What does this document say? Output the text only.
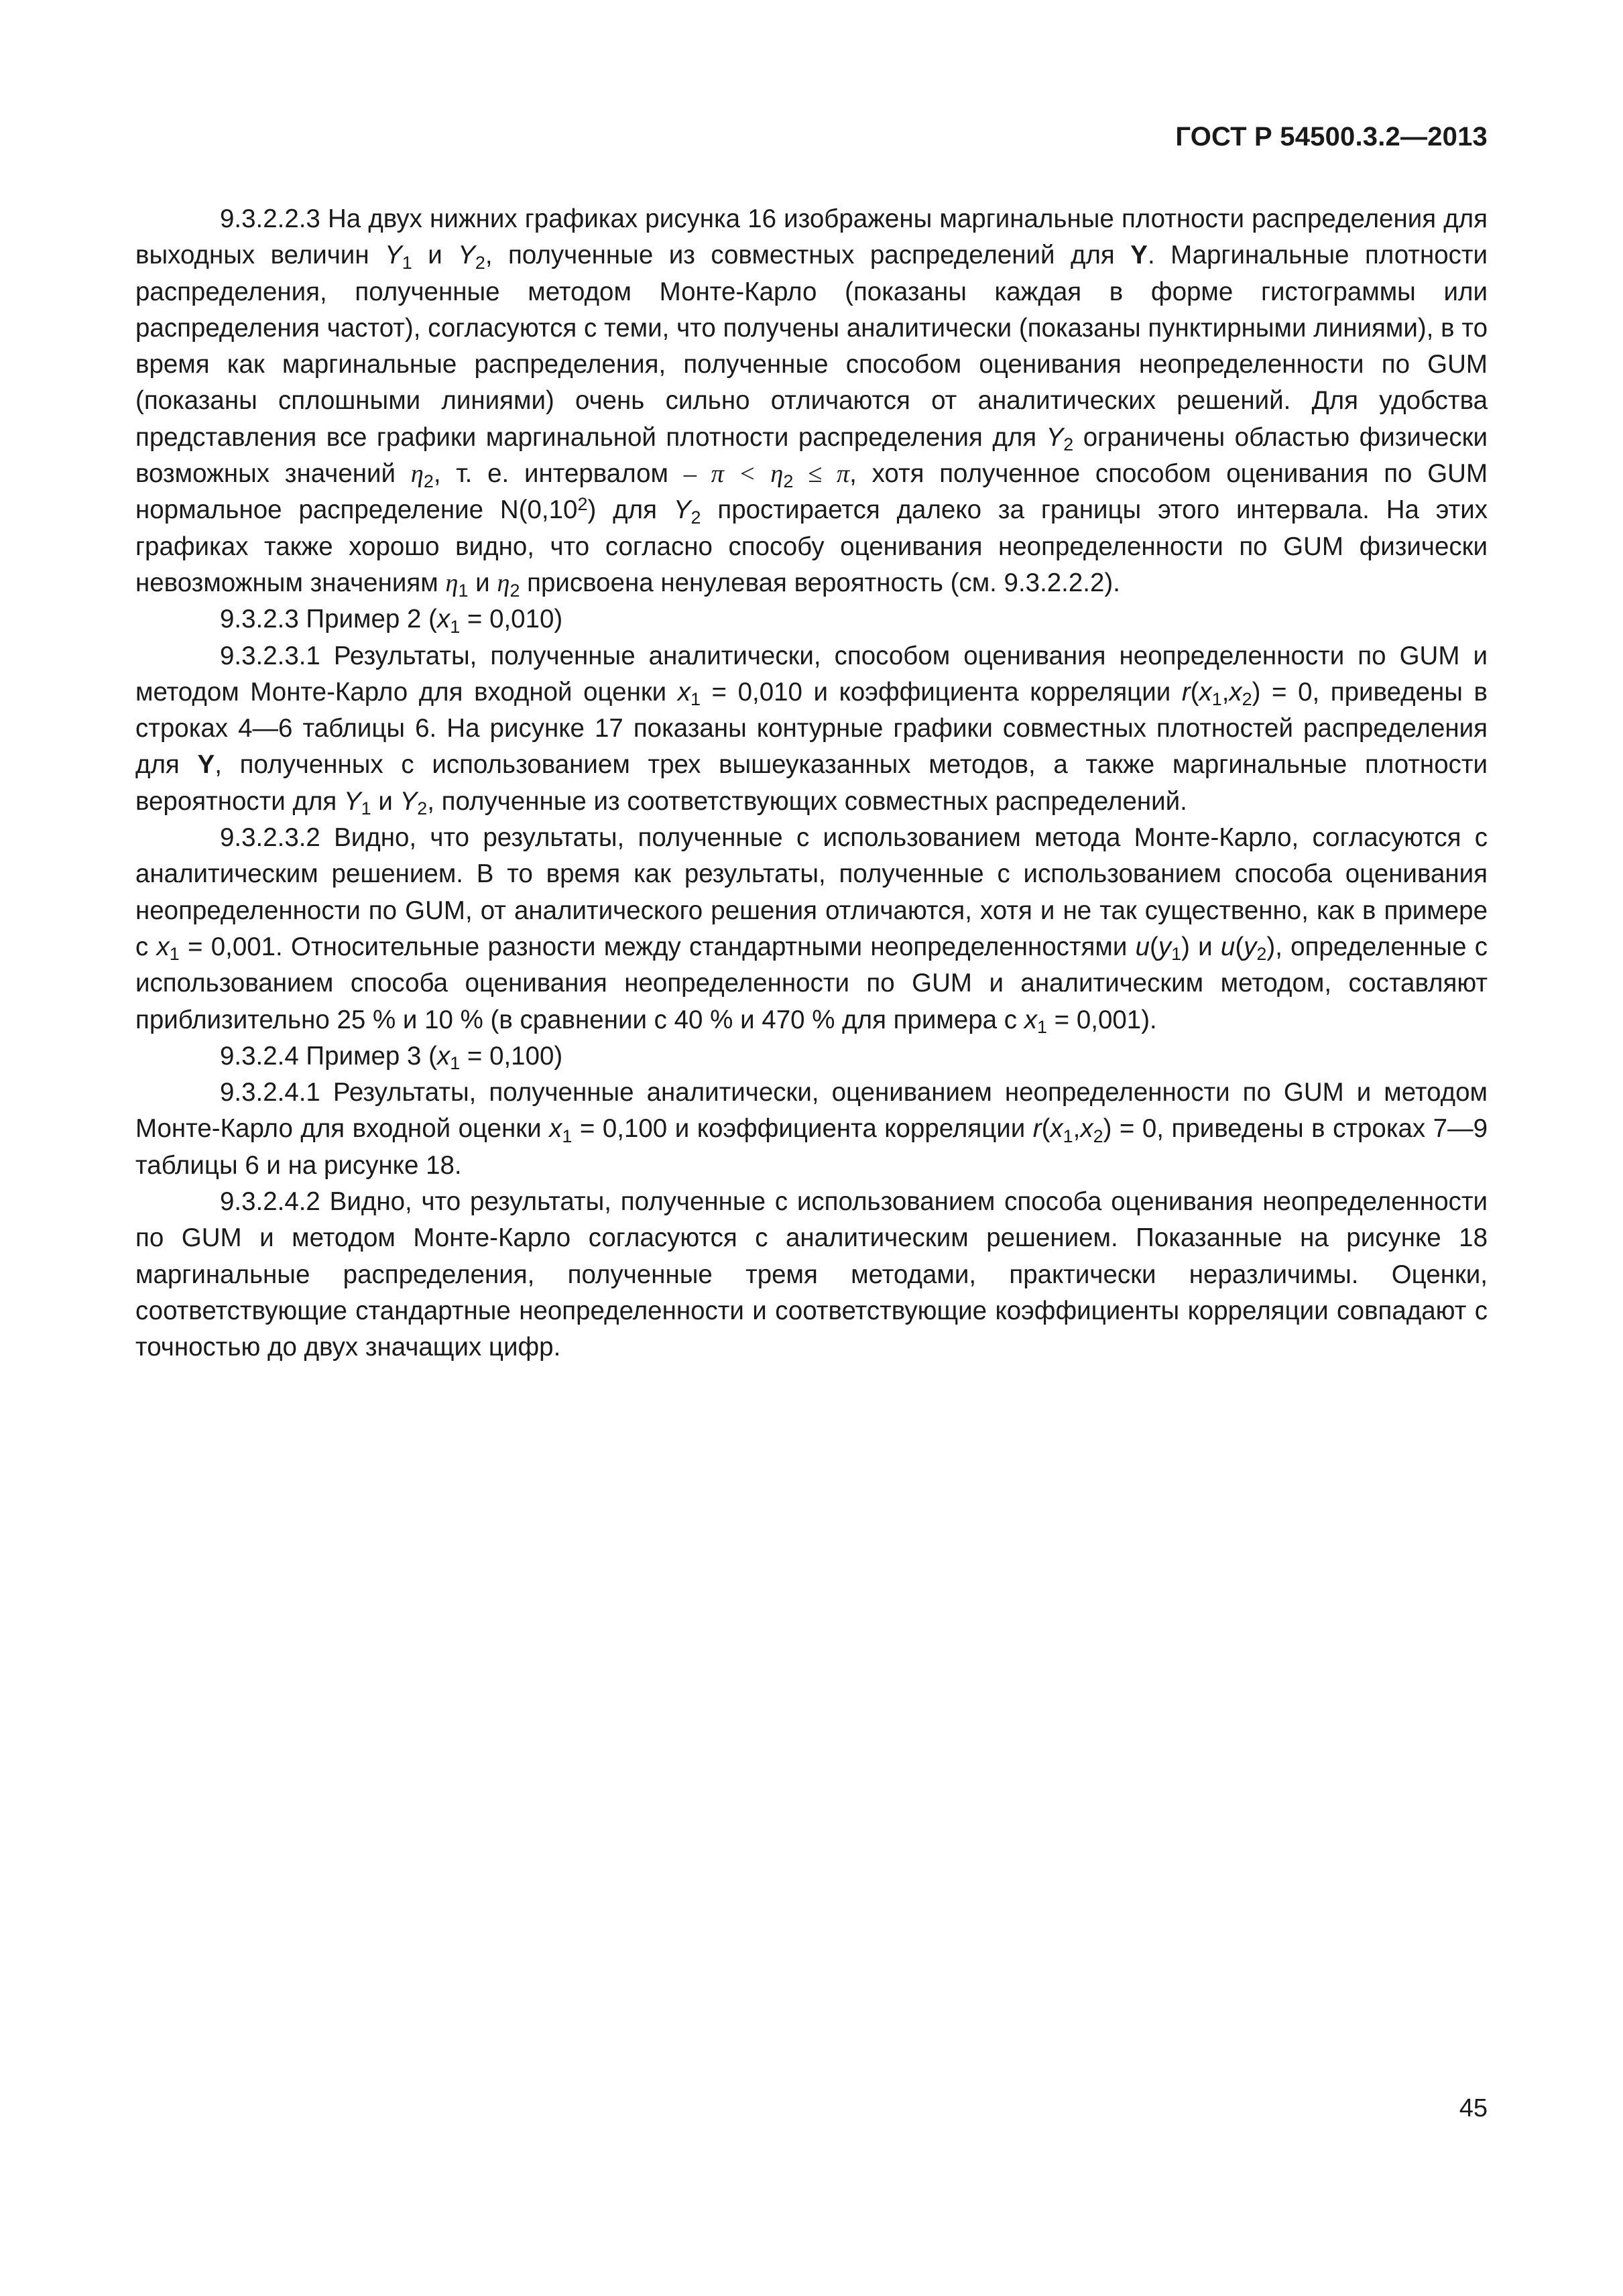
ГОСТ Р 54500.3.2—2013

9.3.2.2.3 На двух нижних графиках рисунка 16 изображены маргинальные плотности распределения для выходных величин $Y_1$ и $Y_2$, полученные из совместных распределений для Y. Маргинальные плотности распределения, полученные методом Монте-Карло (показаны каждая в форме гистограммы или распределения частот), согласуются с теми, что получены аналитически (показаны пунктирными линиями), в то время как маргинальные распределения, полученные способом оценивания неопределенности по GUM (показаны сплошными линиями) очень сильно отличаются от аналитических решений. Для удобства представления все графики маргинальной плотности распределения для $Y_2$ ограничены областью физически возможных значений $\eta_2$, т. е. интервалом – $\pi < \eta_2 \le \pi$, хотя полученное способом оценивания по GUM нормальное распределение N(0,10$^2$) для $Y_2$ простирается далеко за границы этого интервала. На этих графиках также хорошо видно, что согласно способу оценивания неопределенности по GUM физически невозможным значениям $\eta_1$ и $\eta_2$ присвоена ненулевая вероятность (см. 9.3.2.2.2).

9.3.2.3 Пример 2 $(x_1 = 0,010)$

9.3.2.3.1 Результаты, полученные аналитически, способом оценивания неопределенности по GUM и методом Монте-Карло для входной оценки $x_1 = 0,010$ и коэффициента корреляции $r(x_1,x_2) = 0$, приведены в строках 4—6 таблицы 6. На рисунке 17 показаны контурные графики совместных плотностей распределения для Y, полученных с использованием трех вышеуказанных методов, а также маргинальные плотности вероятности для $Y_1$ и $Y_2$, полученные из соответствующих совместных распределений.

9.3.2.3.2 Видно, что результаты, полученные с использованием метода Монте-Карло, согласуются с аналитическим решением. В то время как результаты, полученные с использованием способа оценивания неопределенности по GUM, от аналитического решения отличаются, хотя и не так существенно, как в примере с $x_1 = 0,001$. Относительные разности между стандартными неопределенностями $u(y_1)$ и $u(y_2)$, определенные с использованием способа оценивания неопределенности по GUM и аналитическим методом, составляют приблизительно 25 % и 10 % (в сравнении с 40 % и 470 % для примера с $x_1 = 0,001$).

9.3.2.4 Пример 3 $(x_1 = 0,100)$

9.3.2.4.1 Результаты, полученные аналитически, оцениванием неопределенности по GUM и методом Монте-Карло для входной оценки $x_1 = 0,100$ и коэффициента корреляции $r(x_1,x_2) = 0$, приведены в строках 7—9 таблицы 6 и на рисунке 18.

9.3.2.4.2 Видно, что результаты, полученные с использованием способа оценивания неопределенности по GUM и методом Монте-Карло согласуются с аналитическим решением. Показанные на рисунке 18 маргинальные распределения, полученные тремя методами, практически неразличимы. Оценки, соответствующие стандартные неопределенности и соответствующие коэффициенты корреляции совпадают с точностью до двух значащих цифр.

45
